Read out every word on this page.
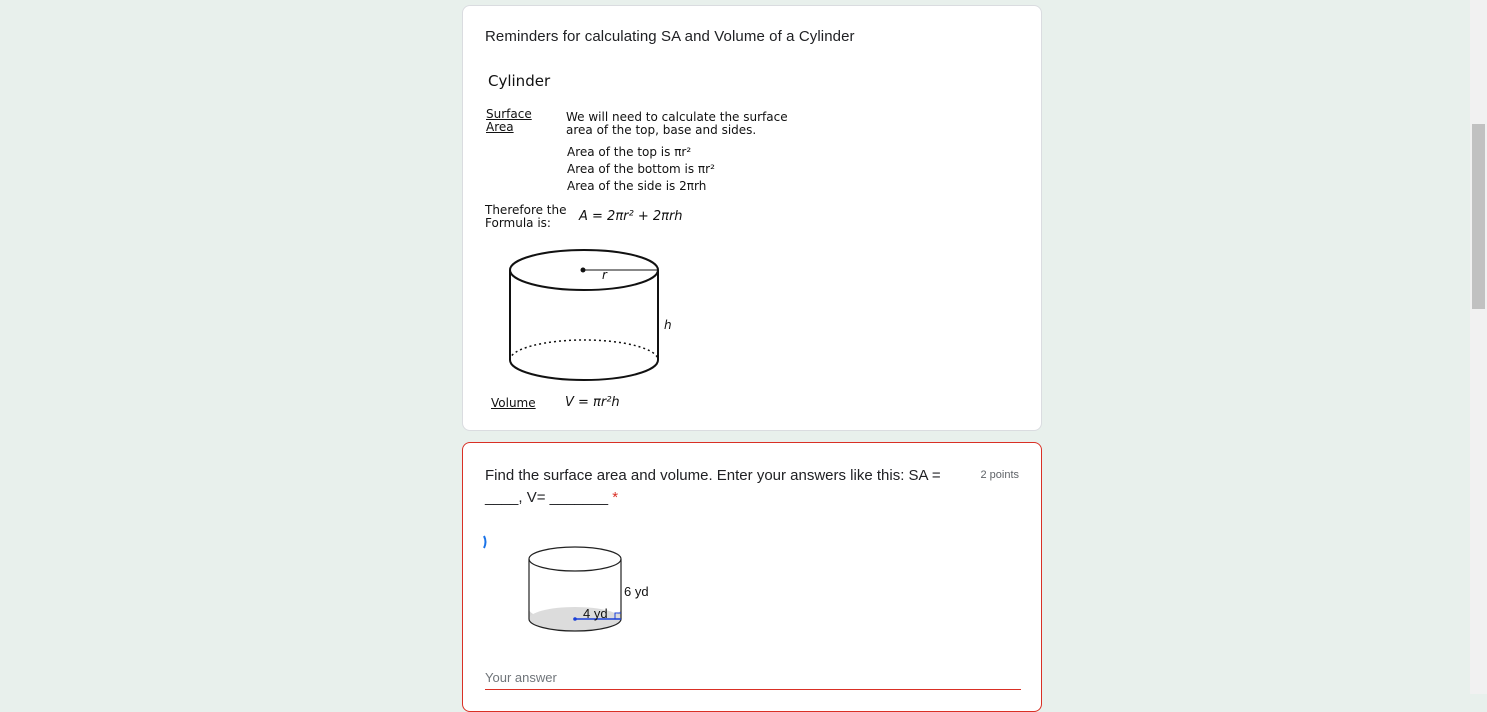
Reminders for calculating SA and Volume of a Cylinder
Cylinder
Surface
Area
We will need to calculate the surface
area of the top, base and sides.
Area of the top is πr²
Area of the bottom is πr²
Area of the side is 2πrh
Therefore the
Formula is: A = 2πr² + 2πrh
r
h
Volume V = πr²h
Find the surface area and volume. Enter your answers like this: SA = ____, V= _______ *
2 points
6 yd
4 yd
Your answer
